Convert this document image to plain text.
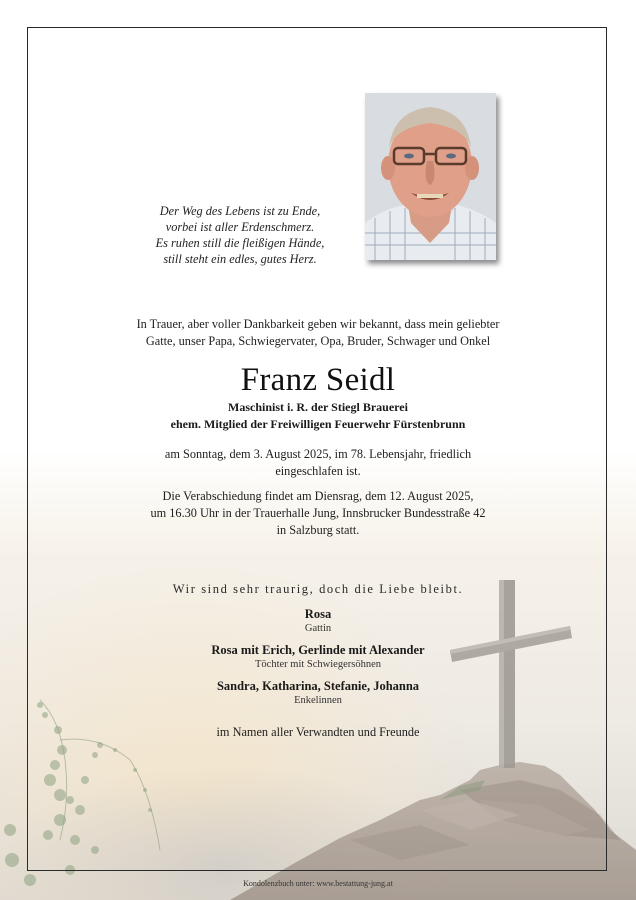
Der Weg des Lebens ist zu Ende,
vorbei ist aller Erdenschmerz.
Es ruhen still die fleißigen Hände,
still steht ein edles, gutes Herz.
In Trauer, aber voller Dankbarkeit geben wir bekannt, dass mein geliebter
Gatte, unser Papa, Schwiegervater, Opa, Bruder, Schwager und Onkel
Franz Seidl
Maschinist i. R. der Stiegl Brauerei
ehem. Mitglied der Freiwilligen Feuerwehr Fürstenbrunn
am Sonntag, dem 3. August 2025, im 78. Lebensjahr, friedlich
eingeschlafen ist.
Die Verabschiedung findet am Diensrag, dem 12. August 2025,
um 16.30 Uhr in der Trauerhalle Jung, Innsbrucker Bundesstraße 42
in Salzburg statt.
Wir sind sehr traurig, doch die Liebe bleibt.
Rosa
Gattin
Rosa mit Erich, Gerlinde mit Alexander
Töchter mit Schwiegersöhnen
Sandra, Katharina, Stefanie, Johanna
Enkelinnen
im Namen aller Verwandten und Freunde
Kondolenzbuch unter: www.bestattung-jung.at
